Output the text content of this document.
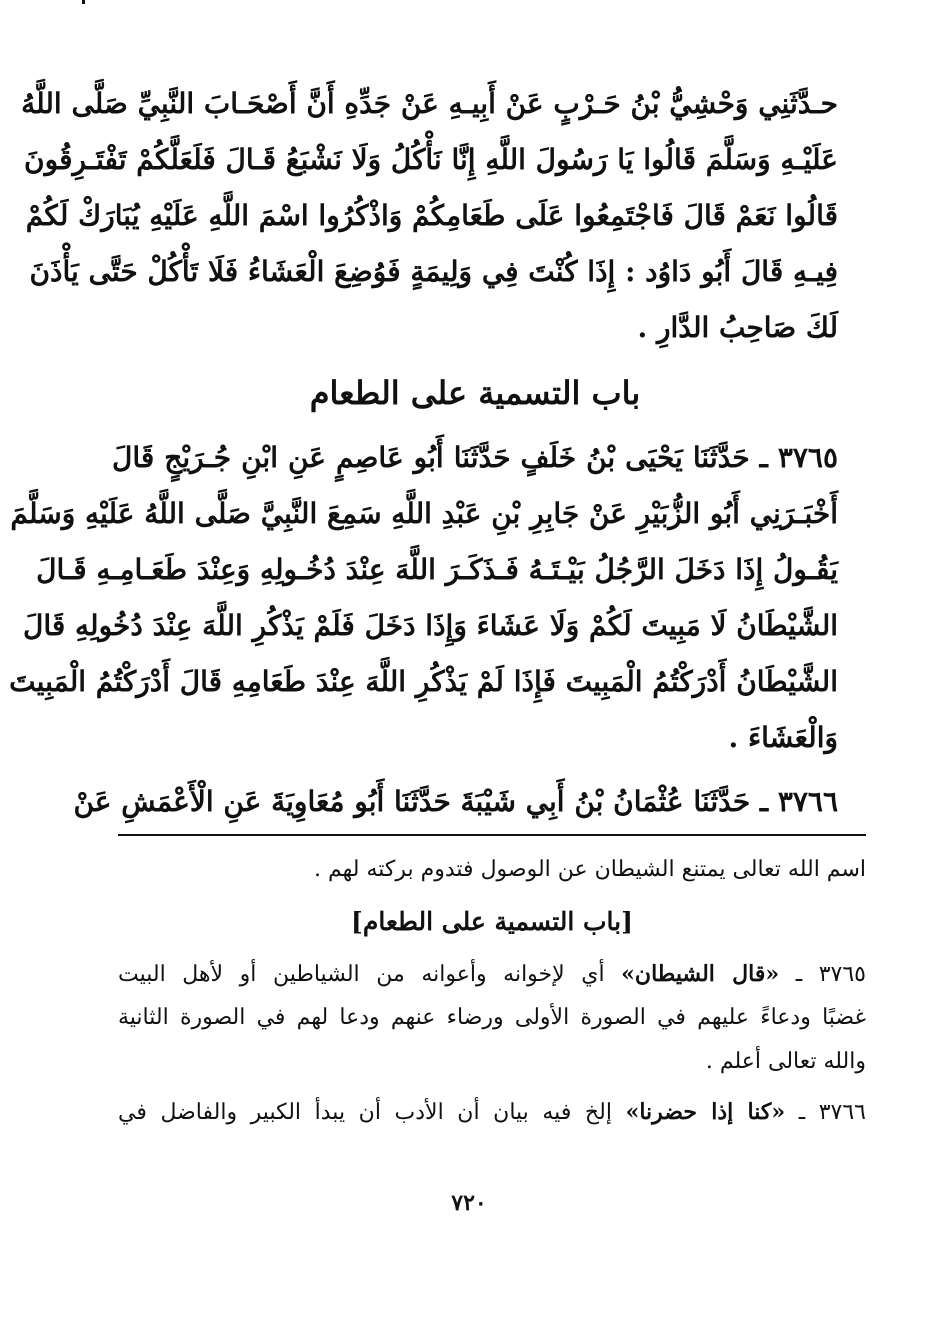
حـدَّثَنِي وَحْشِيُّ بْنُ حَـرْبٍ عَنْ أَبِيـهِ عَنْ جَدِّهِ أَنَّ أَصْحَـابَ النَّبِيِّ صَلَّى اللَّهُ
عَلَيْـهِ وَسَلَّمَ قَالُوا يَا رَسُولَ اللَّهِ إِنَّا نَأْكُلُ وَلَا نَشْبَعُ قَـالَ فَلَعَلَّكُمْ تَفْتَـرِقُونَ
قَالُوا نَعَمْ قَالَ فَاجْتَمِعُوا عَلَى طَعَامِكُمْ وَاذْكُرُوا اسْمَ اللَّهِ عَلَيْهِ يُبَارَكْ لَكُمْ
فِيـهِ قَالَ أَبُو دَاوُد : إِذَا كُنْتَ فِي وَلِيمَةٍ فَوُضِعَ الْعَشَاءُ فَلَا تَأْكُلْ حَتَّى يَأْذَنَ
لَكَ صَاحِبُ الدَّارِ .
باب التسمية على الطعام
٣٧٦٥ ـ حَدَّثَنَا يَحْيَى بْنُ خَلَفٍ حَدَّثَنَا أَبُو عَاصِمٍ عَنِ ابْنِ جُـرَيْجٍ قَالَ
أَخْبَـرَنِي أَبُو الزُّبَيْرِ عَنْ جَابِرِ بْنِ عَبْدِ اللَّهِ سَمِعَ النَّبِيَّ صَلَّى اللَّهُ عَلَيْهِ وَسَلَّمَ
يَقُـولُ إِذَا دَخَلَ الرَّجُلُ بَيْـتَـهُ فَـذَكَـرَ اللَّهَ عِنْدَ دُخُـولِهِ وَعِنْدَ طَعَـامِـهِ قَـالَ
الشَّيْطَانُ لَا مَبِيتَ لَكُمْ وَلَا عَشَاءَ وَإِذَا دَخَلَ فَلَمْ يَذْكُرِ اللَّهَ عِنْدَ دُخُولِهِ قَالَ
الشَّيْطَانُ أَدْرَكْتُمُ الْمَبِيتَ فَإِذَا لَمْ يَذْكُرِ اللَّهَ عِنْدَ طَعَامِهِ قَالَ أَدْرَكْتُمُ الْمَبِيتَ
وَالْعَشَاءَ .
٣٧٦٦ ـ حَدَّثَنَا عُثْمَانُ بْنُ أَبِي شَيْبَةَ حَدَّثَنَا أَبُو مُعَاوِيَةَ عَنِ الْأَعْمَشِ عَنْ
اسم الله تعالى يمتنع الشيطان عن الوصول فتدوم بركته لهم .
[باب التسمية على الطعام]
٣٧٦٥ ـ «قال الشيطان» أي لإخوانه وأعوانه من الشياطين أو لأهل البيت
غضبًا ودعاءً عليهم في الصورة الأولى ورضاء عنهم ودعا لهم في الصورة الثانية
والله تعالى أعلم .
٣٧٦٦ ـ «كنا إذا حضرنا» إلخ فيه بيان أن الأدب أن يبدأ الكبير والفاضل في
٧٢٠
